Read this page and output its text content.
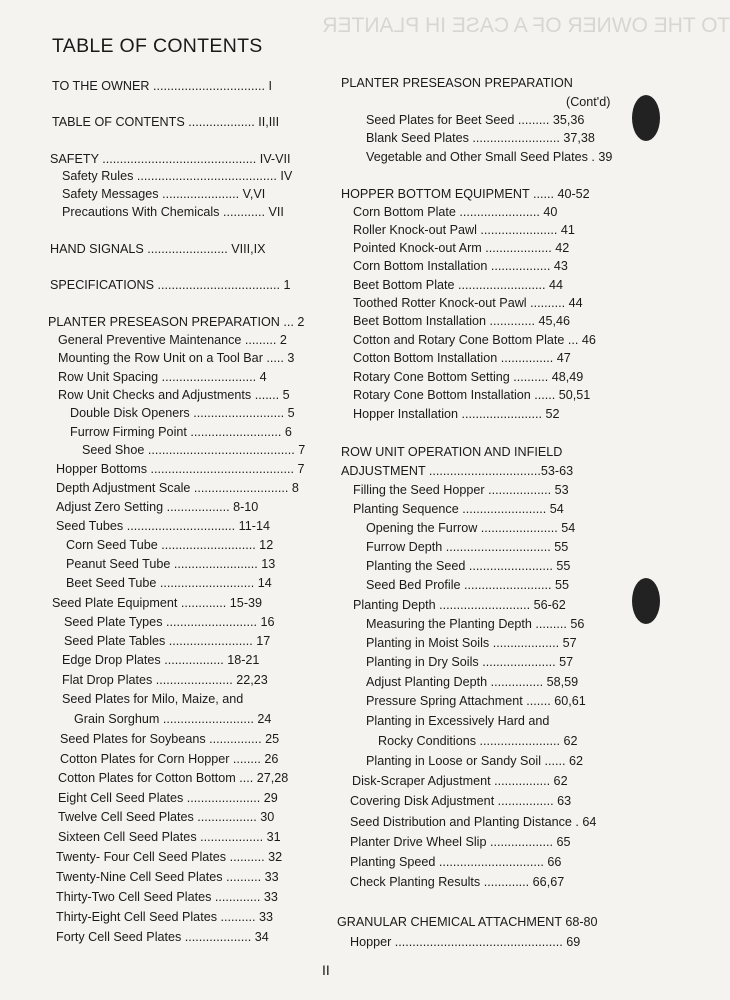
TO THE OWNER OF A CASE IH PLANTER
TABLE OF CONTENTS
TO THE OWNER ................................ I
TABLE OF CONTENTS ................... II,III
SAFETY ............................................ IV-VII
Safety Rules ........................................ IV
Safety Messages ...................... V,VI
Precautions With Chemicals ............ VII
HAND SIGNALS ....................... VIII,IX
SPECIFICATIONS ................................... 1
PLANTER PRESEASON PREPARATION ... 2
General Preventive Maintenance ......... 2
Mounting the Row Unit on a Tool Bar ..... 3
Row Unit Spacing ........................... 4
Row Unit Checks and Adjustments ....... 5
Double Disk Openers .......................... 5
Furrow Firming Point .......................... 6
Seed Shoe .......................................... 7
Hopper Bottoms ......................................... 7
Depth Adjustment Scale ........................... 8
Adjust Zero Setting .................. 8-10
Seed Tubes ............................... 11-14
Corn Seed Tube ........................... 12
Peanut Seed Tube ........................ 13
Beet Seed Tube ........................... 14
Seed Plate Equipment ............. 15-39
Seed Plate Types .......................... 16
Seed Plate Tables ........................ 17
Edge Drop Plates ................. 18-21
Flat Drop Plates ...................... 22,23
Seed Plates for Milo, Maize, and
Grain Sorghum .......................... 24
Seed Plates for Soybeans ............... 25
Cotton Plates for Corn Hopper ........ 26
Cotton Plates for Cotton Bottom .... 27,28
Eight Cell Seed Plates ..................... 29
Twelve Cell Seed Plates ................. 30
Sixteen Cell Seed Plates .................. 31
Twenty- Four Cell Seed Plates .......... 32
Twenty-Nine Cell Seed Plates .......... 33
Thirty-Two Cell Seed Plates ............. 33
Thirty-Eight Cell Seed Plates .......... 33
Forty Cell Seed Plates ................... 34
PLANTER PRESEASON PREPARATION
(Cont'd)
Seed Plates for Beet Seed ......... 35,36
Blank Seed Plates ......................... 37,38
Vegetable and Other Small Seed Plates . 39
HOPPER BOTTOM EQUIPMENT ...... 40-52
Corn Bottom Plate ....................... 40
Roller Knock-out Pawl ...................... 41
Pointed Knock-out Arm ................... 42
Corn Bottom Installation ................. 43
Beet Bottom Plate ......................... 44
Toothed Rotter Knock-out Pawl .......... 44
Beet Bottom Installation ............. 45,46
Cotton and Rotary Cone Bottom Plate ... 46
Cotton Bottom Installation ............... 47
Rotary Cone Bottom Setting .......... 48,49
Rotary Cone Bottom Installation ...... 50,51
Hopper Installation ....................... 52
ROW UNIT OPERATION AND INFIELD
ADJUSTMENT ................................53-63
Filling the Seed Hopper .................. 53
Planting Sequence ........................ 54
Opening the Furrow ...................... 54
Furrow Depth .............................. 55
Planting the Seed ........................ 55
Seed Bed Profile ......................... 55
Planting Depth .......................... 56-62
Measuring the Planting Depth ......... 56
Planting in Moist Soils ................... 57
Planting in Dry Soils ..................... 57
Adjust Planting Depth ............... 58,59
Pressure Spring Attachment ....... 60,61
Planting in Excessively Hard and
Rocky Conditions ....................... 62
Planting in Loose or Sandy Soil ...... 62
Disk-Scraper Adjustment ................ 62
Covering Disk Adjustment ................ 63
Seed Distribution and Planting Distance . 64
Planter Drive Wheel Slip .................. 65
Planting Speed .............................. 66
Check Planting Results ............. 66,67
GRANULAR CHEMICAL ATTACHMENT 68-80
Hopper ................................................ 69
II
